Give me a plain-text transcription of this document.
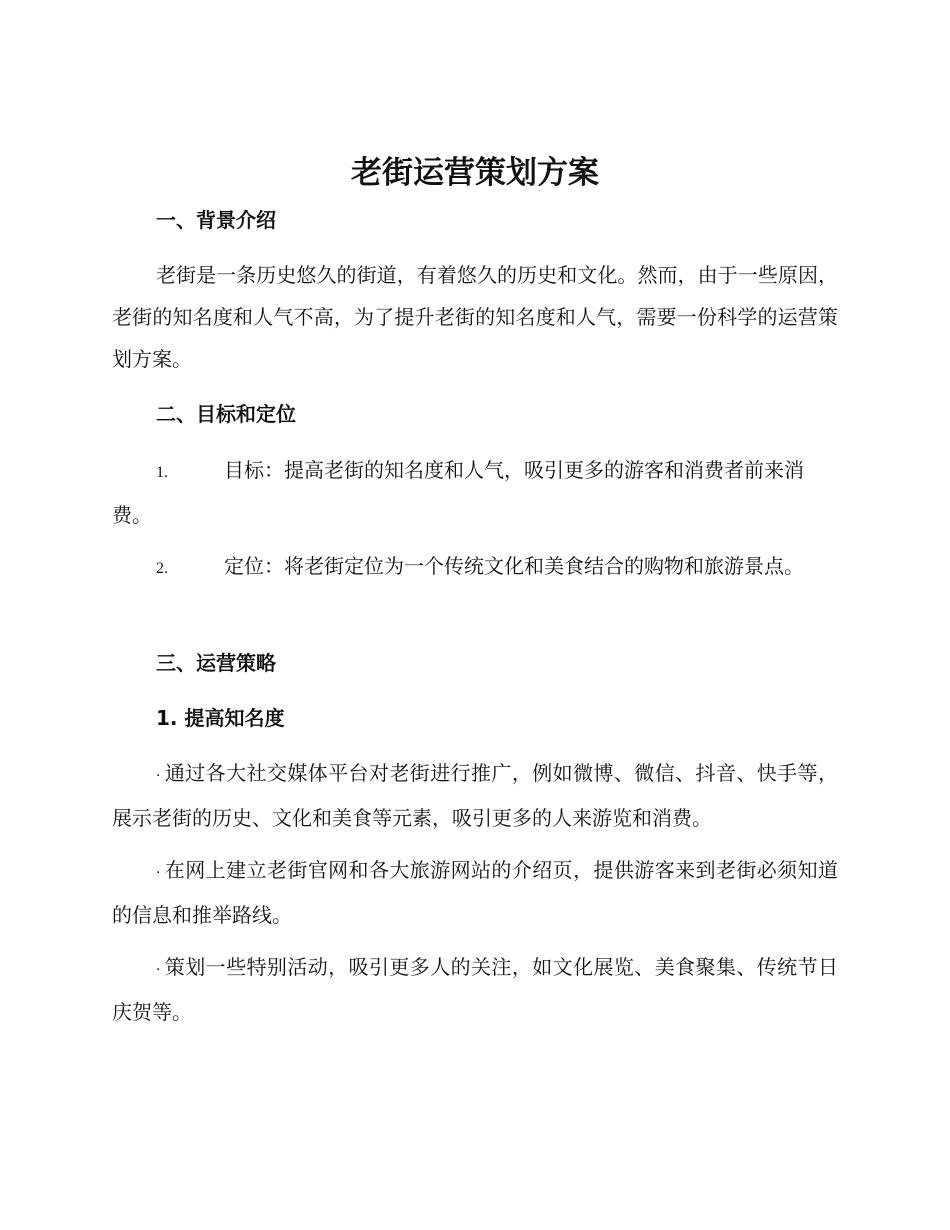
老街运营策划方案
一、背景介绍

老街是一条历史悠久的街道，有着悠久的历史和文化。然而，由于一些原因，老街的知名度和人气不高，为了提升老街的知名度和人气，需要一份科学的运营策划方案。

二、目标和定位

1.	目标：提高老街的知名度和人气，吸引更多的游客和消费者前来消费。

2.	定位：将老街定位为一个传统文化和美食结合的购物和旅游景点。

三、运营策略
1. 提高知名度

· 通过各大社交媒体平台对老街进行推广，例如微博、微信、抖音、快手等，展示老街的历史、文化和美食等元素，吸引更多的人来游览和消费。

· 在网上建立老街官网和各大旅游网站的介绍页，提供游客来到老街必须知道的信息和推举路线。

· 策划一些特别活动，吸引更多人的关注，如文化展览、美食聚集、传统节日庆贺等。
